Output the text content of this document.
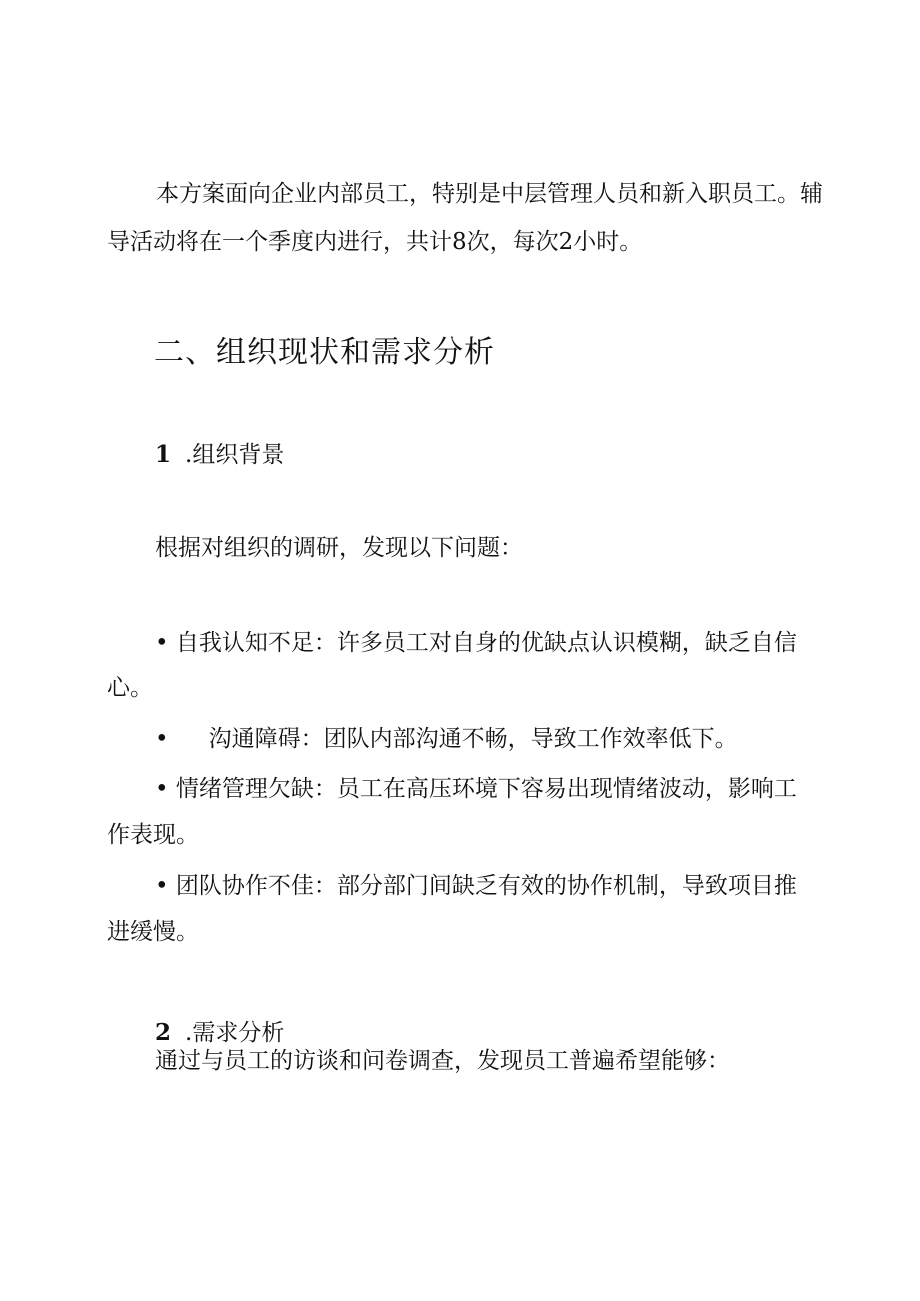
本方案面向企业内部员工，特别是中层管理人员和新入职员工。辅

导活动将在一个季度内进行，共计8次，每次2小时。

二、组织现状和需求分析

1 .组织背景

根据对组织的调研，发现以下问题：

• 自我认知不足：许多员工对自身的优缺点认识模糊，缺乏自信

心。

• 沟通障碍：团队内部沟通不畅，导致工作效率低下。

• 情绪管理欠缺：员工在高压环境下容易出现情绪波动，影响工

作表现。

• 团队协作不佳：部分部门间缺乏有效的协作机制，导致项目推

进缓慢。

2 .需求分析

通过与员工的访谈和问卷调查，发现员工普遍希望能够：
